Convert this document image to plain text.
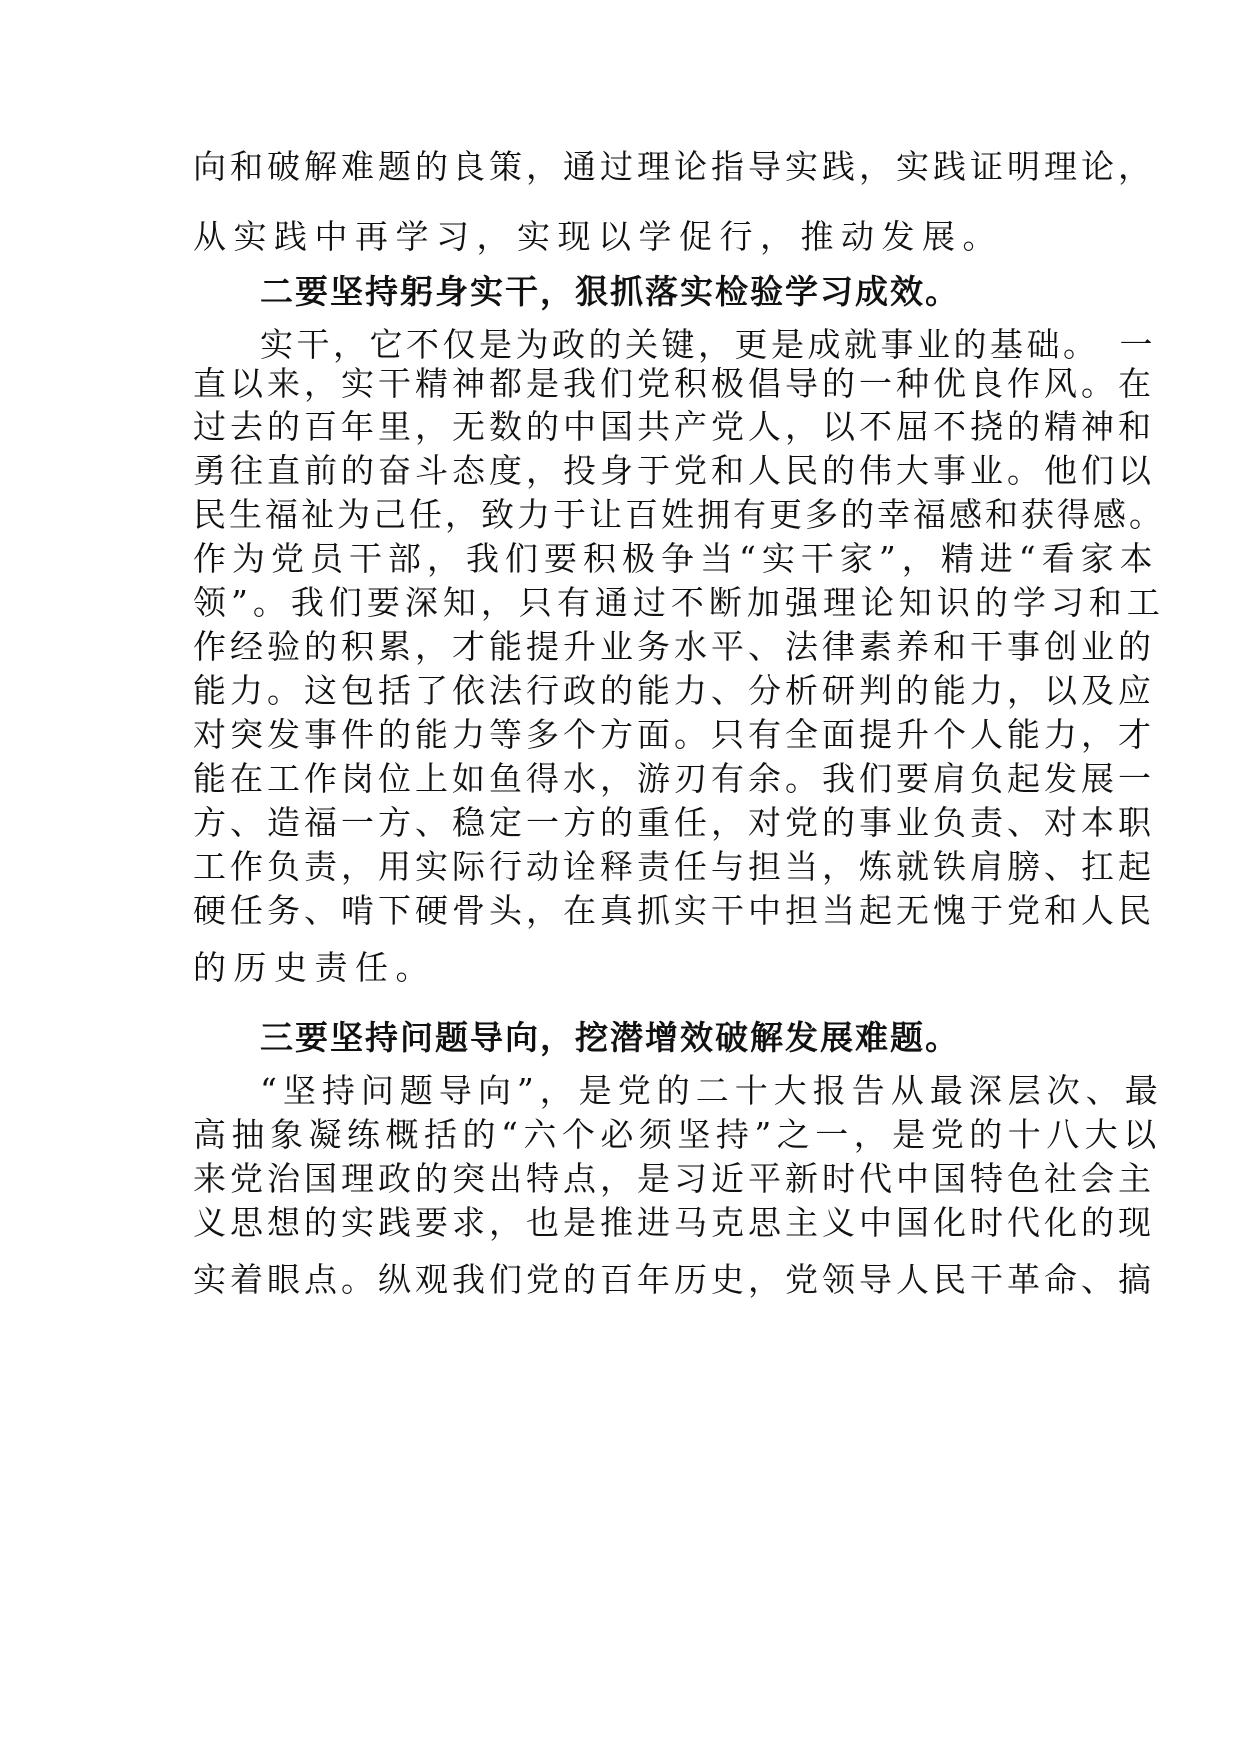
向和破解难题的良策，通过理论指导实践，实践证明理论，
从实践中再学习，实现以学促行，推动发展。
二要坚持躬身实干，狠抓落实检验学习成效。
实干，它不仅是为政的关键，更是成就事业的基础。　一
直以来，实干精神都是我们党积极倡导的一种优良作风。在
过去的百年里，无数的中国共产党人，以不屈不挠的精神和
勇往直前的奋斗态度，投身于党和人民的伟大事业。他们以
民生福祉为己任，致力于让百姓拥有更多的幸福感和获得感。
作为党员干部，我们要积极争当“实干家”，精进“看家本
领”。我们要深知，只有通过不断加强理论知识的学习和工
作经验的积累，才能提升业务水平、法律素养和干事创业的
能力。这包括了依法行政的能力、分析研判的能力，以及应
对突发事件的能力等多个方面。只有全面提升个人能力，才
能在工作岗位上如鱼得水，游刃有余。我们要肩负起发展一
方、造福一方、稳定一方的重任，对党的事业负责、对本职
工作负责，用实际行动诠释责任与担当，炼就铁肩膀、扛起
硬任务、啃下硬骨头，在真抓实干中担当起无愧于党和人民
的历史责任。
三要坚持问题导向，挖潜增效破解发展难题。
“坚持问题导向”，是党的二十大报告从最深层次、最
高抽象凝练概括的“六个必须坚持”之一，是党的十八大以
来党治国理政的突出特点，是习近平新时代中国特色社会主
义思想的实践要求，也是推进马克思主义中国化时代化的现
实着眼点。纵观我们党的百年历史，党领导人民干革命、搞
